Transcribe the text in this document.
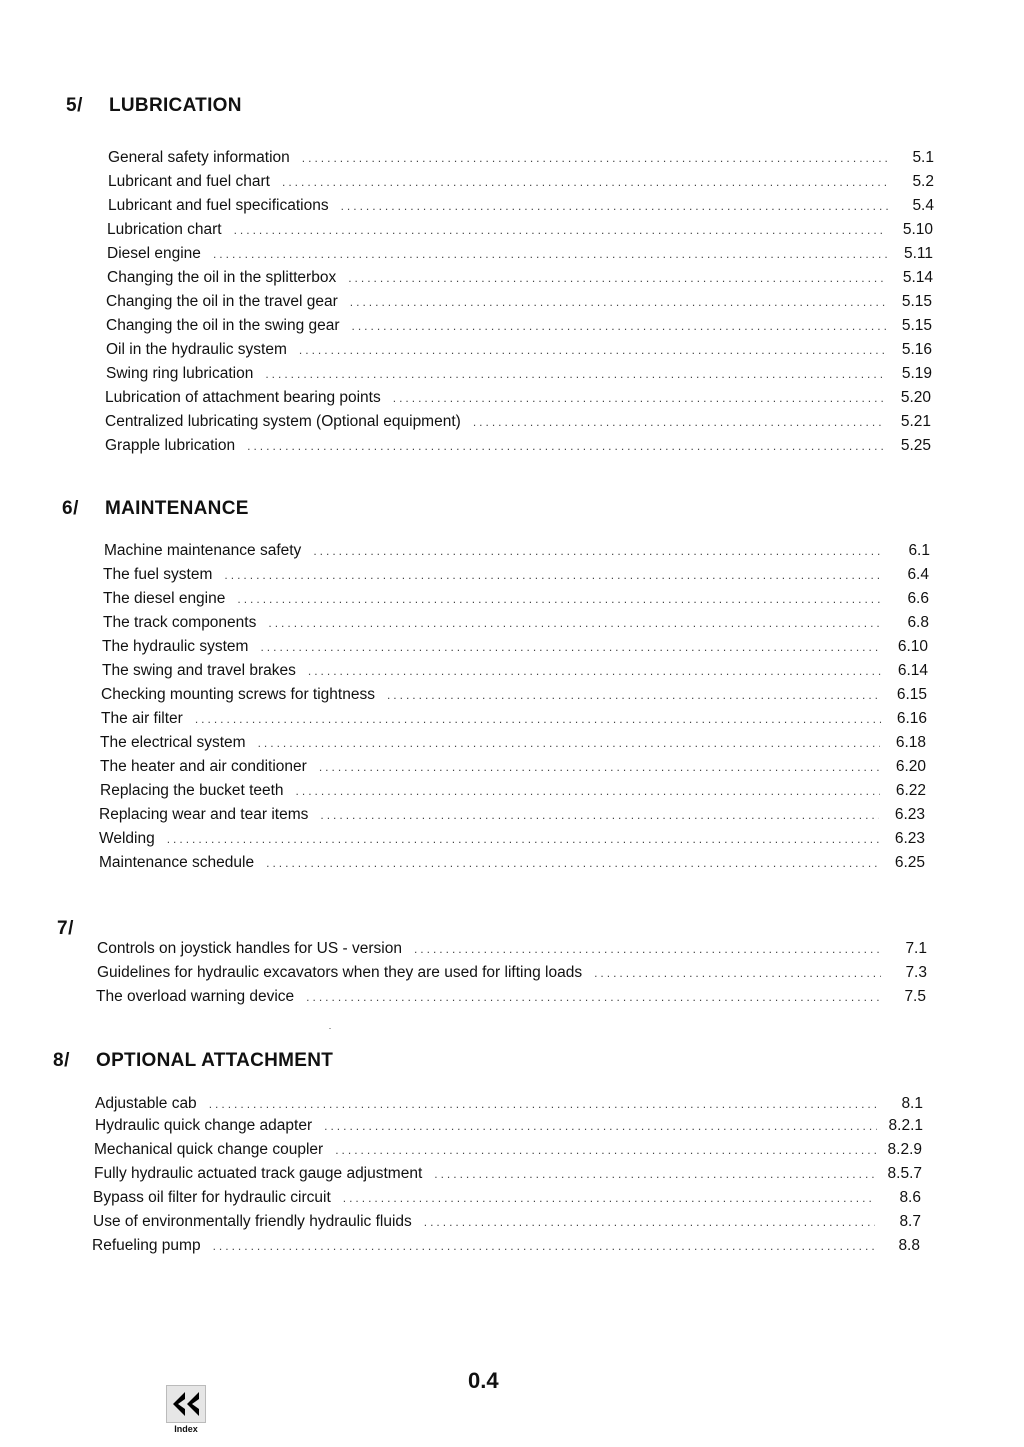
5/ LUBRICATION
General safety information .....	5.1
Lubricant and fuel chart .....	5.2
Lubricant and fuel specifications .....	5.4
Lubrication chart .....	5.10
Diesel engine .....	5.11
Changing the oil in the splitterbox .....	5.14
Changing the oil in the travel gear .....	5.15
Changing the oil in the swing gear .....	5.15
Oil in the hydraulic system .....	5.16
Swing ring lubrication .....	5.19
Lubrication of attachment bearing points .....	5.20
Centralized lubricating system (Optional equipment) .....	5.21
Grapple lubrication .....	5.25
6/ MAINTENANCE
Machine maintenance safety .....	6.1
The fuel system .....	6.4
The diesel engine .....	6.6
The track components .....	6.8
The hydraulic system .....	6.10
The swing and travel brakes .....	6.14
Checking mounting screws for tightness .....	6.15
The air filter .....	6.16
The electrical system .....	6.18
The heater and air conditioner .....	6.20
Replacing the bucket teeth .....	6.22
Replacing wear and tear items .....	6.23
Welding .....	6.23
Maintenance schedule .....	6.25
7/
Controls on joystick handles for US - version .....	7.1
Guidelines for hydraulic excavators when they are used for lifting loads .....	7.3
The overload warning device .....	7.5
8/ OPTIONAL ATTACHMENT
Adjustable cab .....	8.1
Hydraulic quick change adapter .....	8.2.1
Mechanical quick change coupler .....	8.2.9
Fully hydraulic actuated track gauge adjustment .....	8.5.7
Bypass oil filter for hydraulic circuit .....	8.6
Use of environmentally friendly hydraulic fluids .....	8.7
Refueling pump .....	8.8
0.4
Index
